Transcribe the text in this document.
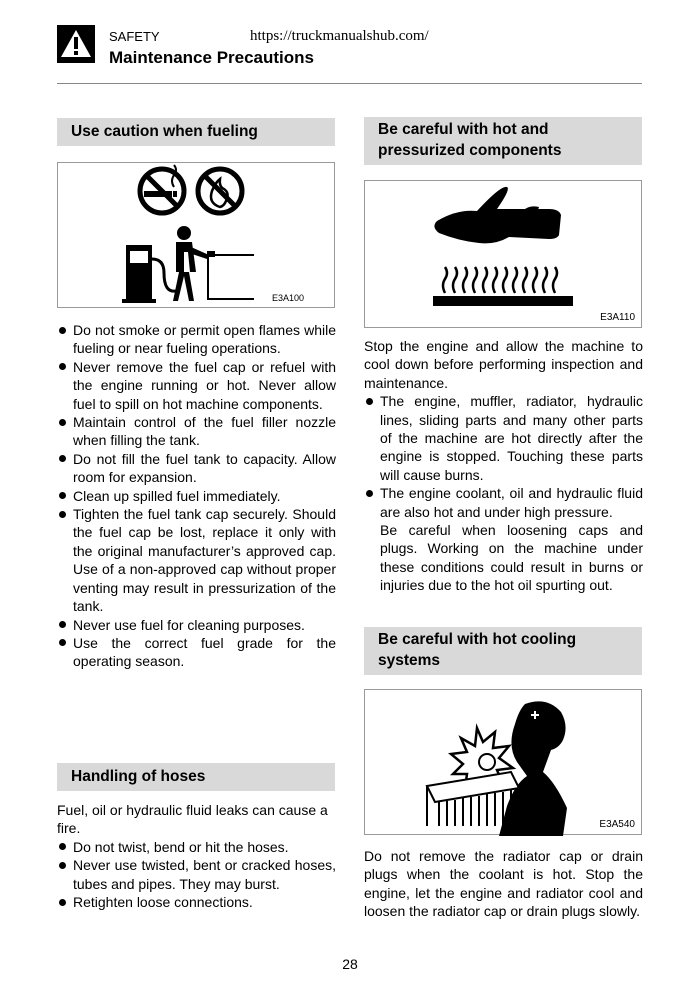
SAFETY	https://truckmanualshub.com/
Maintenance Precautions
Use caution when fueling
E3A100
Do not smoke or permit open flames while fueling or near fueling operations.
Never remove the fuel cap or refuel with the engine running or hot. Never allow fuel to spill on hot machine components.
Maintain control of the fuel filler nozzle when filling the tank.
Do not fill the fuel tank to capacity. Allow room for expansion.
Clean up spilled fuel immediately.
Tighten the fuel tank cap securely. Should the fuel cap be lost, replace it only with the original manufacturer’s approved cap. Use of a non-approved cap without proper venting may result in pressurization of the tank.
Never use fuel for cleaning purposes.
Use the correct fuel grade for the operating season.
Handling of hoses

Fuel, oil or hydraulic fluid leaks can cause a fire.

Do not twist, bend or hit the hoses.
Never use twisted, bent or cracked hoses, tubes and pipes. They may burst.
Retighten loose connections.
Be careful with hot and pressurized components
E3A110

Stop the engine and allow the machine to cool down before performing inspection and maintenance.

The engine, muffler, radiator, hydraulic lines, sliding parts and many other parts of the machine are hot directly after the engine is stopped. Touching these parts will cause burns.
The engine coolant, oil and hydraulic fluid are also hot and under high pressure.

Be careful when loosening caps and plugs. Working on the machine under these conditions could result in burns or injuries due to the hot oil spurting out.

Be careful with hot cooling systems
E3A540

Do not remove the radiator cap or drain plugs when the coolant is hot. Stop the engine, let the engine and radiator cool and loosen the radiator cap or drain plugs slowly.

28
